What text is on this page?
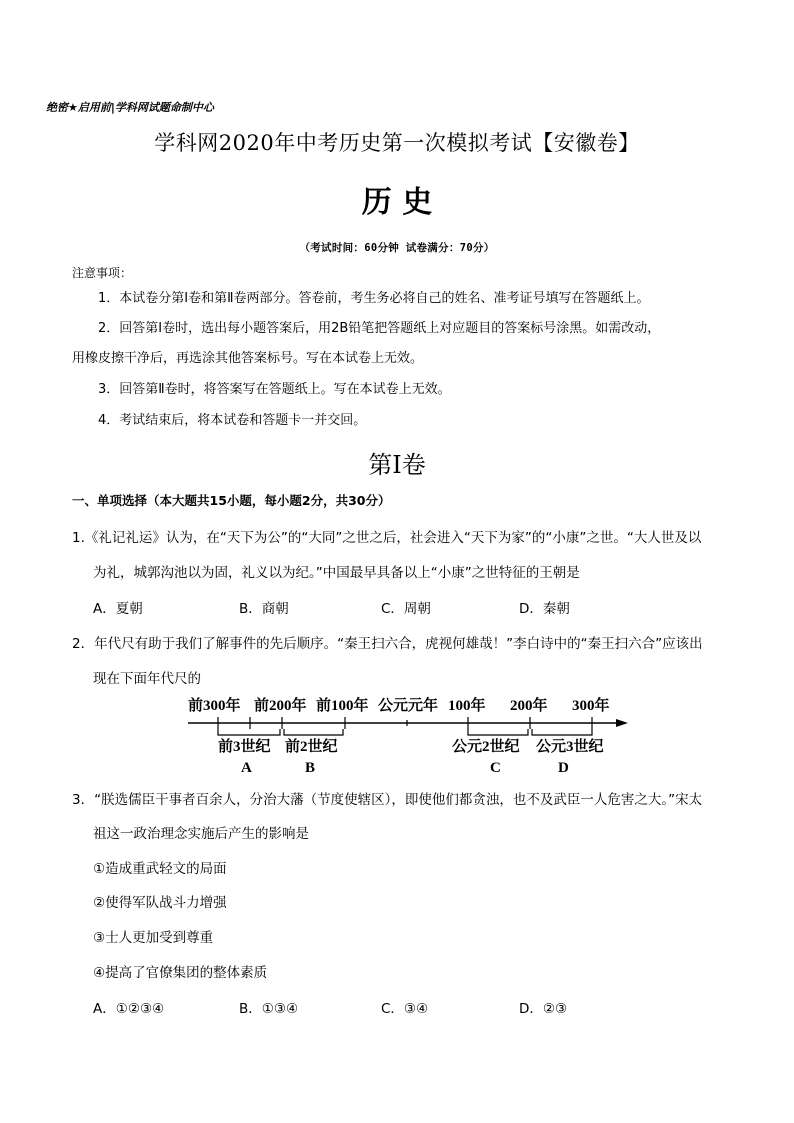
绝密★启用前|学科网试题命制中心
学科网2020年中考历史第一次模拟考试【安徽卷】
历 史
（考试时间：60分钟 试卷满分：70分）
注意事项：
1．本试卷分第Ⅰ卷和第Ⅱ卷两部分。答卷前，考生务必将自己的姓名、准考证号填写在答题纸上。
2．回答第Ⅰ卷时，选出每小题答案后，用2B铅笔把答题纸上对应题目的答案标号涂黑。如需改动，
用橡皮擦干净后，再选涂其他答案标号。写在本试卷上无效。
3．回答第Ⅱ卷时，将答案写在答题纸上。写在本试卷上无效。
4．考试结束后，将本试卷和答题卡一并交回。
第Ⅰ卷
一、单项选择（本大题共15小题，每小题2分，共30分）
1.《礼记礼运》认为，在“天下为公”的“大同”之世之后，社会进入“天下为家”的“小康”之世。“大人世及以
为礼，城郭沟池以为固，礼义以为纪。”中国最早具备以上“小康”之世特征的王朝是
A．夏朝	B．商朝	C．周朝	D．秦朝
2．年代尺有助于我们了解事件的先后顺序。“秦王扫六合，虎视何雄哉！”李白诗中的“秦王扫六合”应该出
现在下面年代尺的
前300年 前200年 前100年 公元元年 100年 200年 300年
前3世纪 前2世纪	公元2世纪 公元3世纪
A	B	C	D
3．“朕选儒臣干事者百余人，分治大藩（节度使辖区），即使他们都贪浊，也不及武臣一人危害之大。”宋太
祖这一政治理念实施后产生的影响是
①造成重武轻文的局面
②使得军队战斗力增强
③士人更加受到尊重
④提高了官僚集团的整体素质
A．①②③④	B．①③④	C．③④	D．②③
